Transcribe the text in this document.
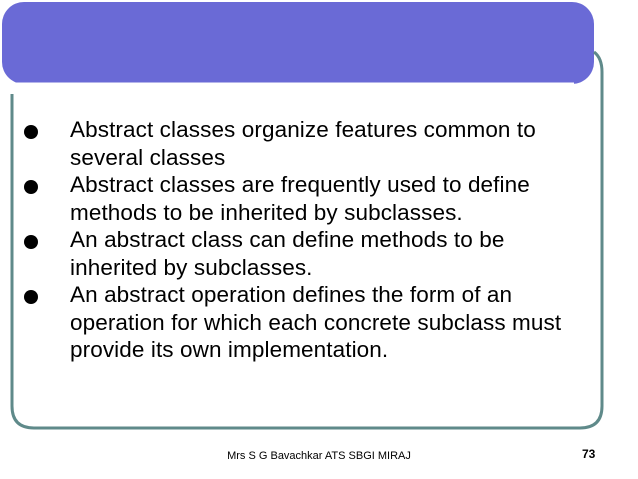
Abstract classes organize features common to several classes
Abstract classes are frequently used to define methods to be inherited by subclasses.
An abstract class can define methods to be inherited by subclasses.
An abstract operation defines the form of an operation for which each concrete subclass must provide its own implementation.
Mrs S G Bavachkar ATS SBGI MIRAJ	73
